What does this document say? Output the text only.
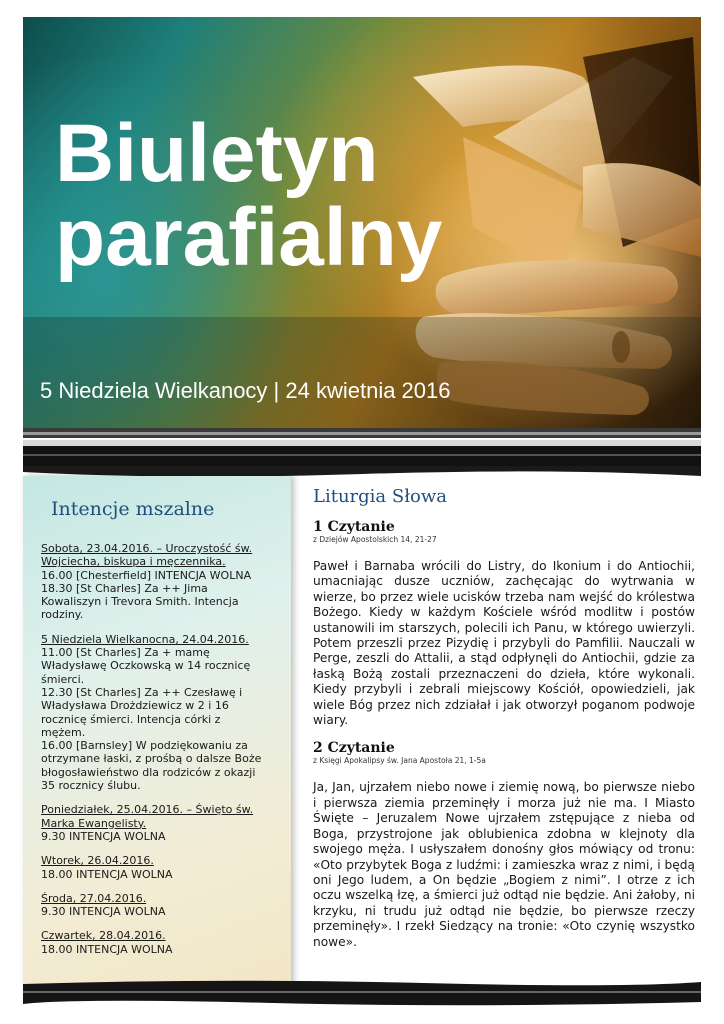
Biuletyn
parafialny
5 Niedziela Wielkanocy | 24 kwietnia 2016
Intencje mszalne
Sobota, 23.04.2016. – Uroczystość św. Wojciecha, biskupa i męczennika.
16.00 [Chesterfield] INTENCJA WOLNA
18.30 [St Charles] Za ++ Jima Kowaliszyn i Trevora Smith. Intencja rodziny.
5 Niedziela Wielkanocna, 24.04.2016.
11.00 [St Charles] Za + mamę Władysławę Oczkowską w 14 rocznicę śmierci.
12.30 [St Charles] Za ++ Czesławę i Władysława Drożdziewicz w 2 i 16 rocznicę śmierci. Intencja córki z mężem.
16.00 [Barnsley] W podziękowaniu za otrzymane łaski, z prośbą o dalsze Boże błogosławieństwo dla rodziców z okazji 35 rocznicy ślubu.
Poniedziałek, 25.04.2016. – Święto św. Marka Ewangelisty.
9.30 INTENCJA WOLNA
Wtorek, 26.04.2016.
18.00 INTENCJA WOLNA
Środa, 27.04.2016.
9.30 INTENCJA WOLNA
Czwartek, 28.04.2016.
18.00 INTENCJA WOLNA
Liturgia Słowa
1 Czytanie
z Dziejów Apostolskich 14, 21-27
Paweł i Barnaba wrócili do Listry, do Ikonium i do Antiochii, umacniając dusze uczniów, zachęcając do wytrwania w wierze, bo przez wiele ucisków trzeba nam wejść do królestwa Bożego. Kiedy w każdym Kościele wśród modlitw i postów ustanowili im starszych, polecili ich Panu, w którego uwierzyli. Potem przeszli przez Pizydię i przybyli do Pamfilii. Nauczali w Perge, zeszli do Attalii, a stąd odpłynęli do Antiochii, gdzie za łaską Bożą zostali przeznaczeni do dzieła, które wykonali. Kiedy przybyli i zebrali miejscowy Kościół, opowiedzieli, jak wiele Bóg przez nich zdziałał i jak otworzył poganom podwoje wiary.
2 Czytanie
z Księgi Apokalipsy św. Jana Apostoła 21, 1-5a
Ja, Jan, ujrzałem niebo nowe i ziemię nową, bo pierwsze niebo i pierwsza ziemia przeminęły i morza już nie ma. I Miasto Święte – Jeruzalem Nowe ujrzałem zstępujące z nieba od Boga, przystrojone jak oblubienica zdobna w klejnoty dla swojego męża. I usłyszałem donośny głos mówiący od tronu: «Oto przybytek Boga z ludźmi: i zamieszka wraz z nimi, i będą oni Jego ludem, a On będzie „Bogiem z nimi”. I otrze z ich oczu wszelką łzę, a śmierci już odtąd nie będzie. Ani żałoby, ni krzyku, ni trudu już odtąd nie będzie, bo pierwsze rzeczy przeminęły». I rzekł Siedzący na tronie: «Oto czynię wszystko nowe».
